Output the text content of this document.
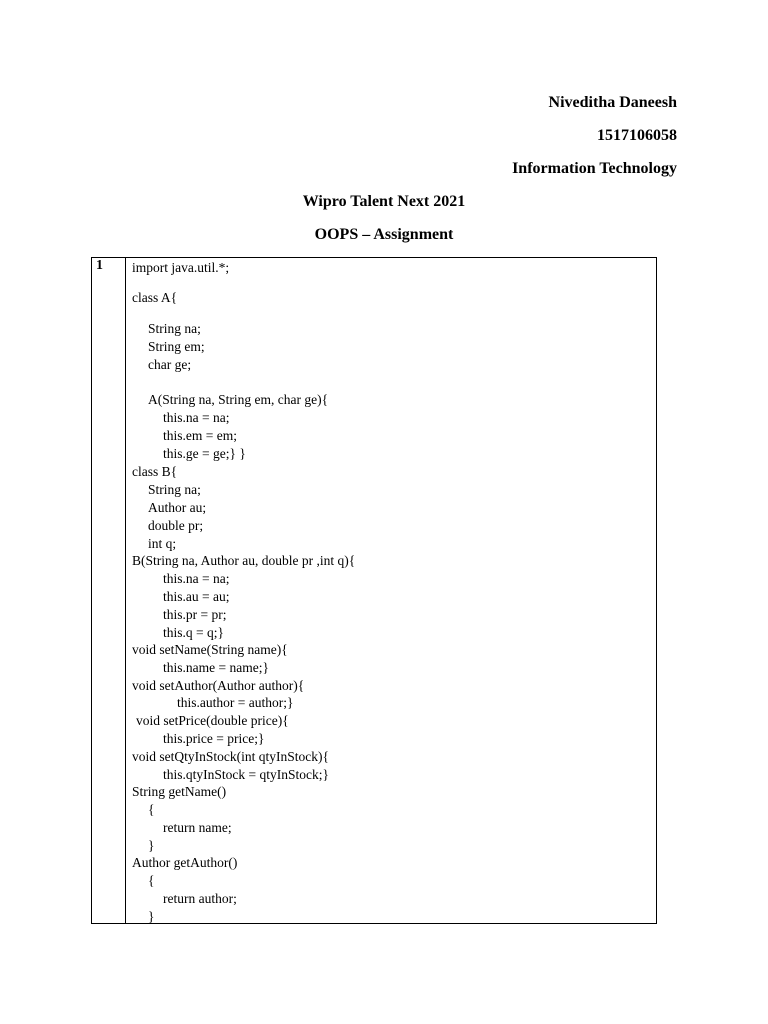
Niveditha Daneesh
1517106058
Information Technology
Wipro Talent Next 2021
OOPS – Assignment
1 import java.util.*;
class A{
String na;
String em;
char ge;
A(String na, String em, char ge){
this.na = na;
this.em = em;
this.ge = ge;} }
class B{
String na;
Author au;
double pr;
int q;
B(String na, Author au, double pr ,int q){
this.na = na;
this.au = au;
this.pr = pr;
this.q = q;}
void setName(String name){
this.name = name;}
void setAuthor(Author author){
this.author = author;}
void setPrice(double price){
this.price = price;}
void setQtyInStock(int qtyInStock){
this.qtyInStock = qtyInStock;}
String getName()
{
return name;
}
Author getAuthor()
{
return author;
}
